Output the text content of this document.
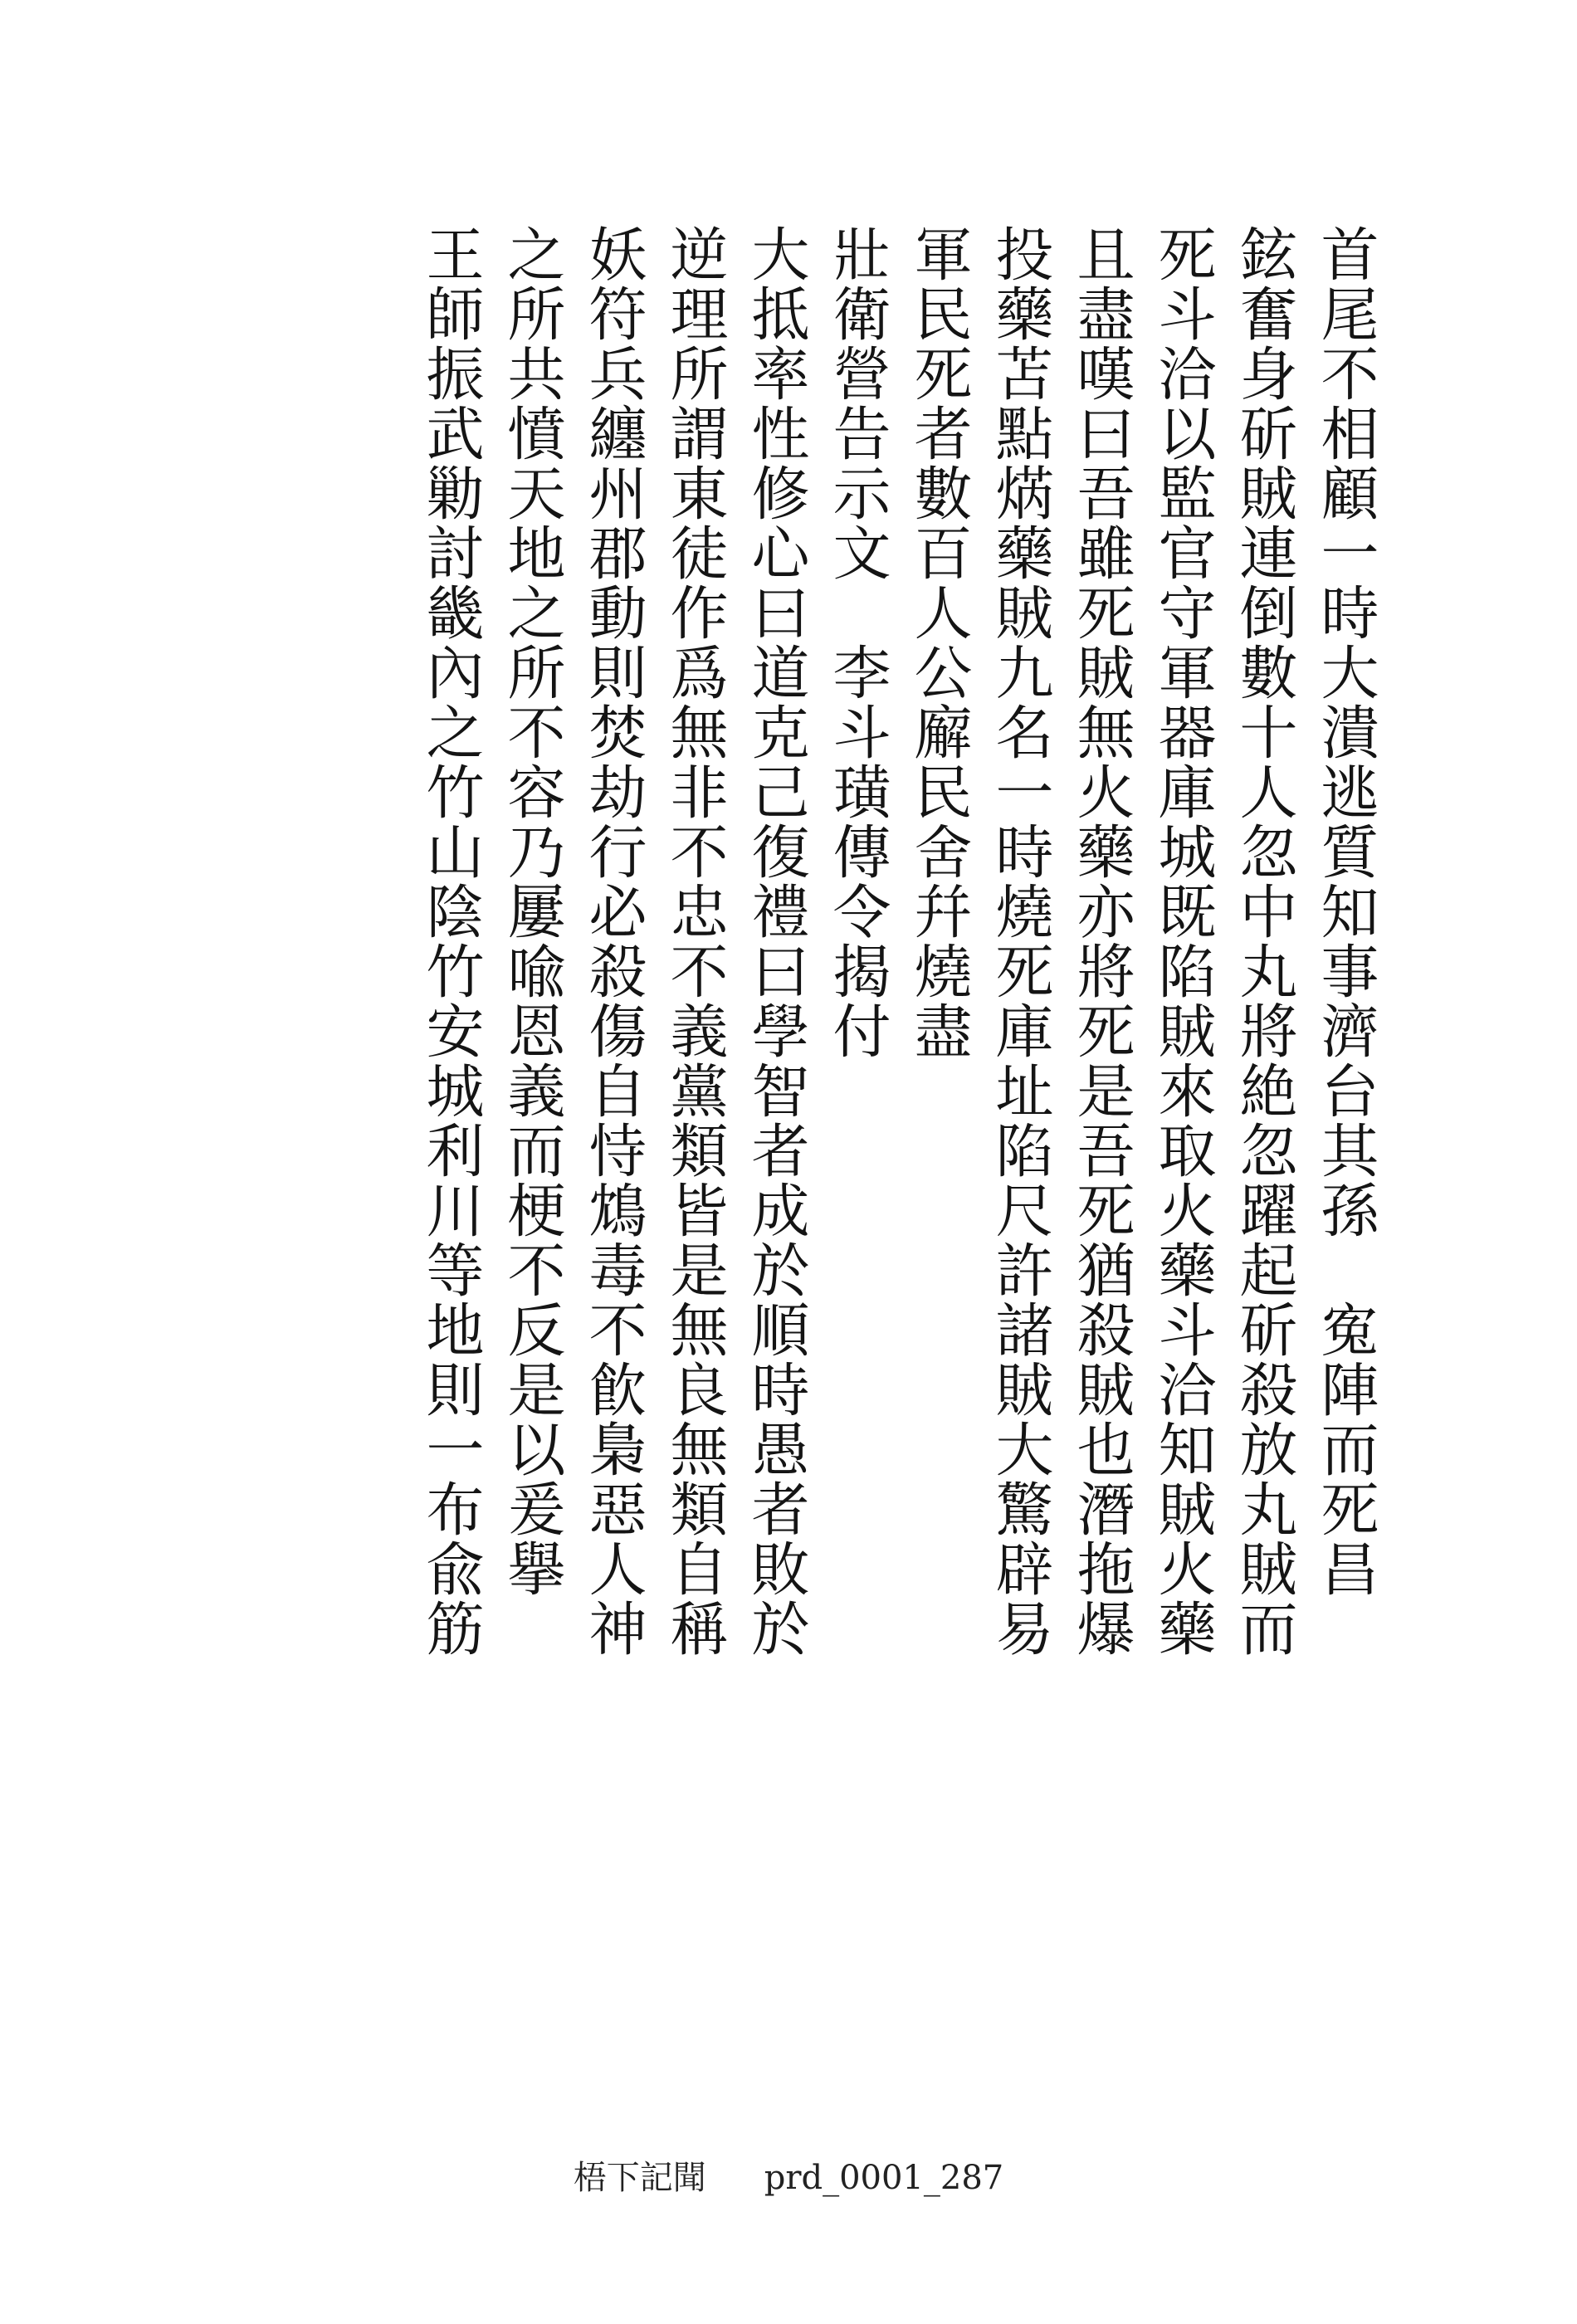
首尾不相顧一時大潰逃質知事濟台其孫　寃陣而死昌
鉉奮身斫賊連倒數十人忽中丸將絶忽躍起斫殺放丸賊而
死斗洽以監官守軍器庫城既陷賊來取火藥斗洽知賊火藥
且盡嘆曰吾雖死賊無火藥亦將死是吾死猶殺賊也潛拖爆
投藥苫點焫藥賊九名一時燒死庫址陷尺許諸賊大驚辟易
軍民死者數百人公廨民舍幷燒盡
壯衛營告示文　李斗璜傳令揭付
大抵率性修心曰道克己復禮曰學智者成於順時愚者敗於
逆理所謂東徒作爲無非不忠不義黨類皆是無良無類自稱
妖符兵纏州郡動則焚劫行必殺傷自恃鴆毒不飮梟惡人神
之所共憤天地之所不容乃屢喩恩義而梗不反是以爰擧
王師振武勦討畿內之竹山陰竹安城利川等地則一布兪筋
梧下記聞 prd_0001_287
